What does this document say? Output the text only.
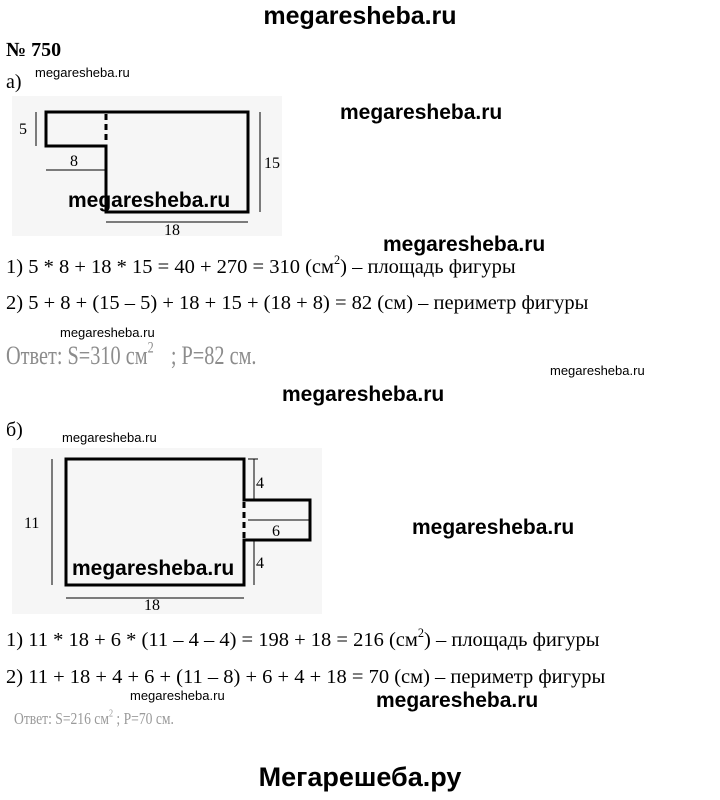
megaresheba.ru
№ 750
а) megaresheba.ru
5
8	15
18
megaresheba.ru
megaresheba.ru
megaresheba.ru
1) 5 * 8 + 18 * 15 = 40 + 270 = 310 $(см^2)$ – площадь фигуры
2) 5 + 8 + (15 – 5) + 18 + 15 + (18 + 8) = 82 (см) – периметр фигуры
megaresheba.ru
Ответ: S=310 $см^2$ ; P=82 см.
megaresheba.ru
megaresheba.ru
б)	megaresheba.ru
11
4
6
4
18
megaresheba.ru
megaresheba.ru
1) 11 * 18 + 6 * (11 – 4 – 4) = 198 + 18 = 216 $(см^2)$ – площадь фигуры
2) 11 + 18 + 4 + 6 + (11 – 8) + 6 + 4 + 18 = 70 (см) – периметр фигуры
megaresheba.ru	megaresheba.ru
Ответ: S=216 $см^2$ ; P=70 см.
Мегарешеба.ру
